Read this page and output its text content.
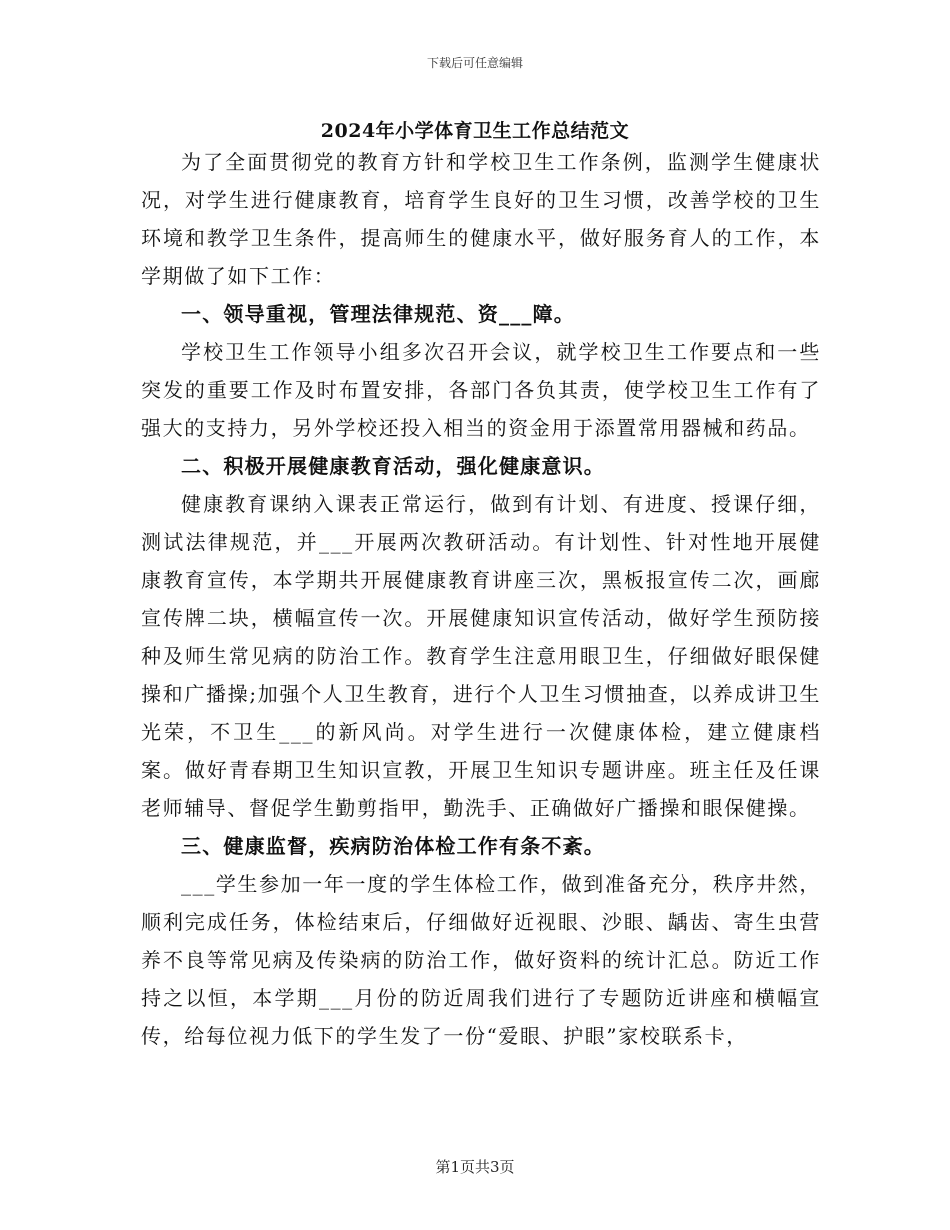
下载后可任意编辑
2024年小学体育卫生工作总结范文

为了全面贯彻党的教育方针和学校卫生工作条例，监测学生健康状况，对学生进行健康教育，培育学生良好的卫生习惯，改善学校的卫生环境和教学卫生条件，提高师生的健康水平，做好服务育人的工作，本学期做了如下工作：

一、领导重视，管理法律规范、资___障。

学校卫生工作领导小组多次召开会议，就学校卫生工作要点和一些突发的重要工作及时布置安排，各部门各负其责，使学校卫生工作有了强大的支持力，另外学校还投入相当的资金用于添置常用器械和药品。

二、积极开展健康教育活动，强化健康意识。

健康教育课纳入课表正常运行，做到有计划、有进度、授课仔细，测试法律规范，并___开展两次教研活动。有计划性、针对性地开展健康教育宣传，本学期共开展健康教育讲座三次，黑板报宣传二次，画廊宣传牌二块，横幅宣传一次。开展健康知识宣传活动，做好学生预防接种及师生常见病的防治工作。教育学生注意用眼卫生，仔细做好眼保健操和广播操;加强个人卫生教育，进行个人卫生习惯抽查，以养成讲卫生光荣，不卫生___的新风尚。对学生进行一次健康体检，建立健康档案。做好青春期卫生知识宣教，开展卫生知识专题讲座。班主任及任课老师辅导、督促学生勤剪指甲，勤洗手、正确做好广播操和眼保健操。

三、健康监督，疾病防治体检工作有条不紊。

___学生参加一年一度的学生体检工作，做到准备充分，秩序井然，顺利完成任务，体检结束后，仔细做好近视眼、沙眼、龋齿、寄生虫营养不良等常见病及传染病的防治工作，做好资料的统计汇总。防近工作持之以恒，本学期___月份的防近周我们进行了专题防近讲座和横幅宣传，给每位视力低下的学生发了一份“爱眼、护眼”家校联系卡，

第1页共3页
